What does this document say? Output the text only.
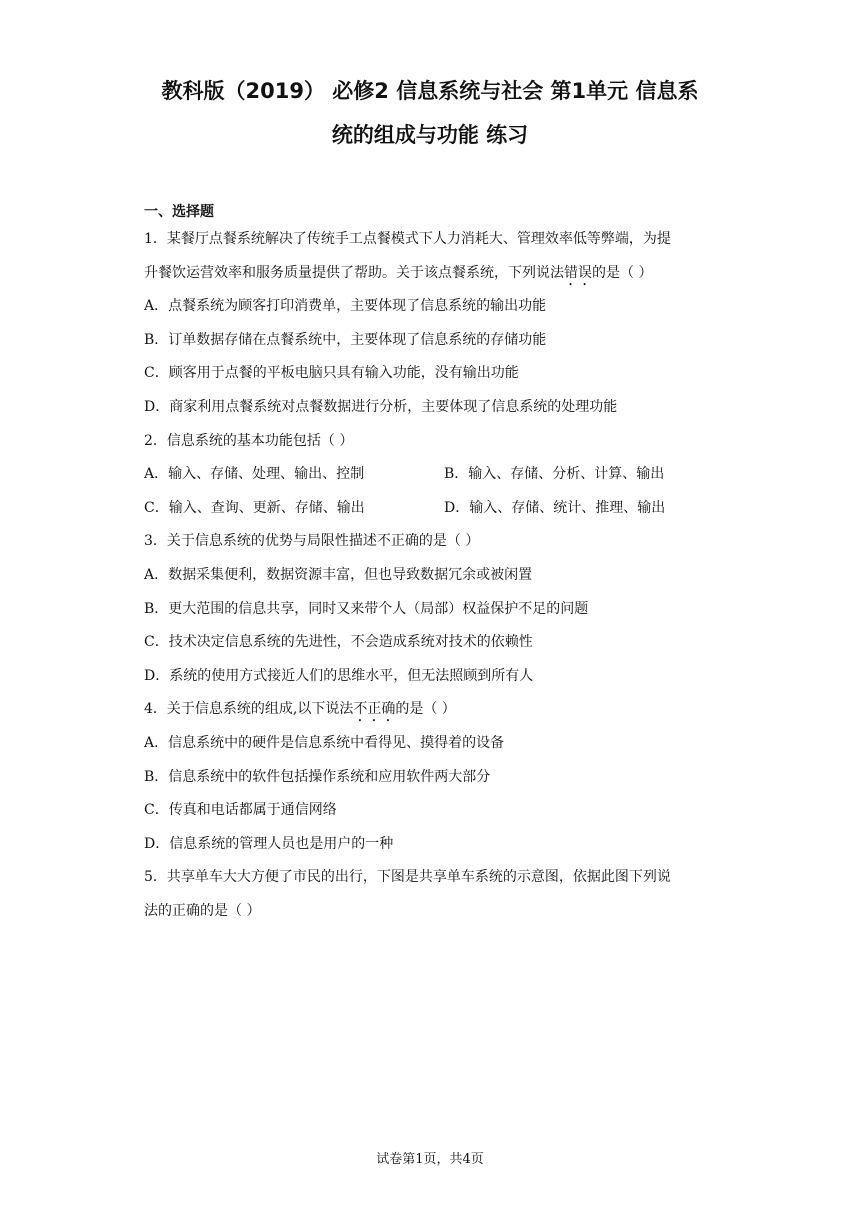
教科版（2019） 必修2 信息系统与社会 第1单元 信息系
统的组成与功能 练习
一、选择题
1．某餐厅点餐系统解决了传统手工点餐模式下人力消耗大、管理效率低等弊端，为提
升餐饮运营效率和服务质量提供了帮助。关于该点餐系统，下列说法错误的是（ ）
A．点餐系统为顾客打印消费单，主要体现了信息系统的输出功能
B．订单数据存储在点餐系统中，主要体现了信息系统的存储功能
C．顾客用于点餐的平板电脑只具有输入功能，没有输出功能
D．商家利用点餐系统对点餐数据进行分析，主要体现了信息系统的处理功能
2．信息系统的基本功能包括（ ）
A．输入、存储、处理、输出、控制	B．输入、存储、分析、计算、输出
C．输入、查询、更新、存储、输出	D．输入、存储、统计、推理、输出
3．关于信息系统的优势与局限性描述不正确的是（ ）
A．数据采集便利，数据资源丰富，但也导致数据冗余或被闲置
B．更大范围的信息共享，同时又来带个人（局部）权益保护不足的问题
C．技术决定信息系统的先进性，不会造成系统对技术的依赖性
D．系统的使用方式接近人们的思维水平，但无法照顾到所有人
4．关于信息系统的组成,以下说法不正确的是（ ）
A．信息系统中的硬件是信息系统中看得见、摸得着的设备
B．信息系统中的软件包括操作系统和应用软件两大部分
C．传真和电话都属于通信网络
D．信息系统的管理人员也是用户的一种
5．共享单车大大方便了市民的出行，下图是共享单车系统的示意图，依据此图下列说
法的正确的是（ ）
试卷第1页，共4页
